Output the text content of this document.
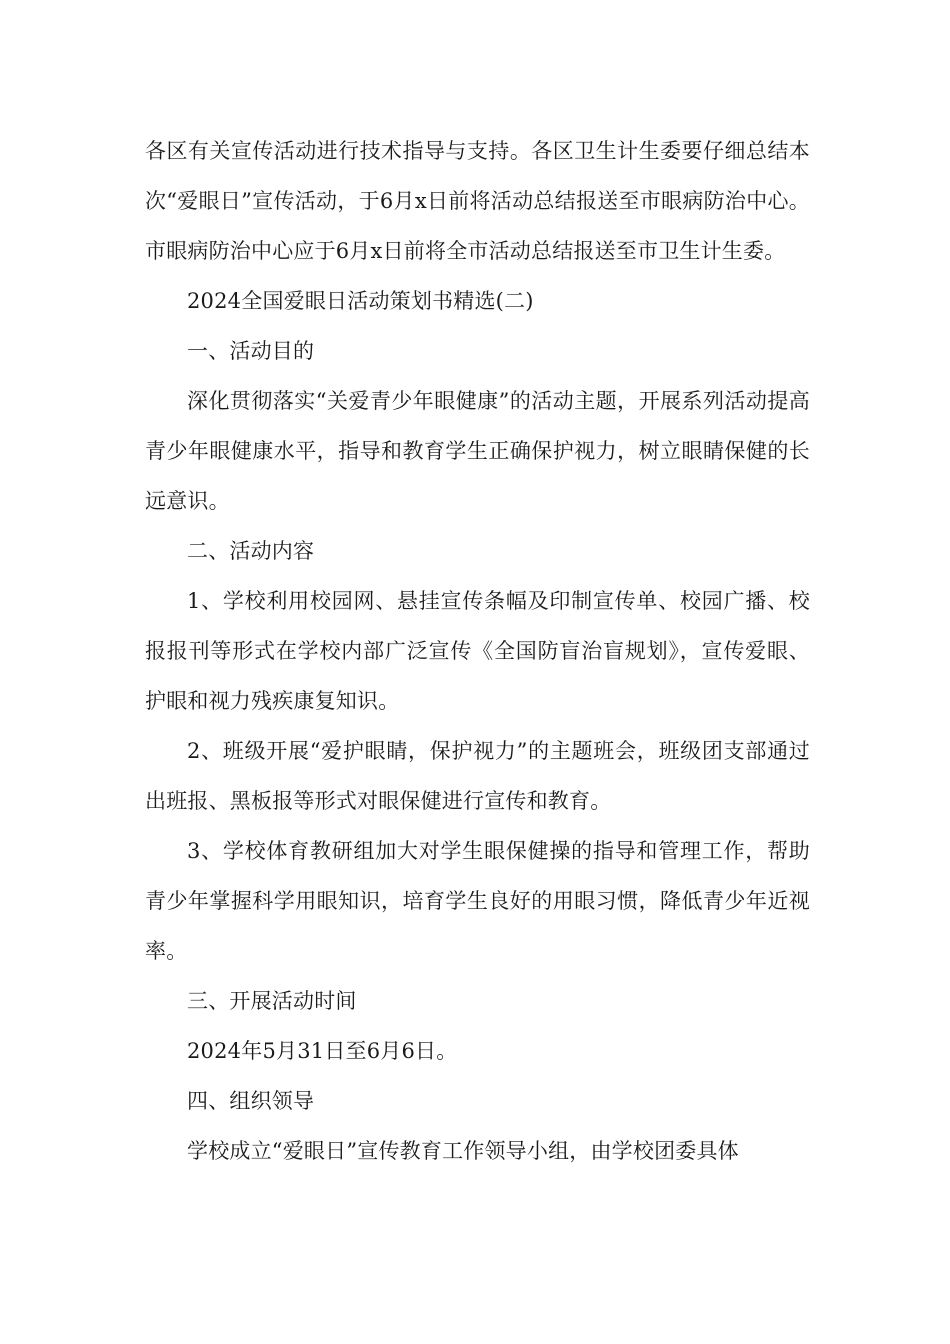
各区有关宣传活动进行技术指导与支持。各区卫生计生委要仔细总结本次“爱眼日”宣传活动，于6月x日前将活动总结报送至市眼病防治中心。市眼病防治中心应于6月x日前将全市活动总结报送至市卫生计生委。

2024全国爱眼日活动策划书精选(二)

一、活动目的

深化贯彻落实“关爱青少年眼健康”的活动主题，开展系列活动提高青少年眼健康水平，指导和教育学生正确保护视力，树立眼睛保健的长远意识。

二、活动内容

1、学校利用校园网、悬挂宣传条幅及印制宣传单、校园广播、校报报刊等形式在学校内部广泛宣传《全国防盲治盲规划》，宣传爱眼、护眼和视力残疾康复知识。

2、班级开展“爱护眼睛，保护视力”的主题班会，班级团支部通过出班报、黑板报等形式对眼保健进行宣传和教育。

3、学校体育教研组加大对学生眼保健操的指导和管理工作，帮助青少年掌握科学用眼知识，培育学生良好的用眼习惯，降低青少年近视率。

三、开展活动时间

2024年5月31日至6月6日。

四、组织领导

学校成立“爱眼日”宣传教育工作领导小组，由学校团委具体
